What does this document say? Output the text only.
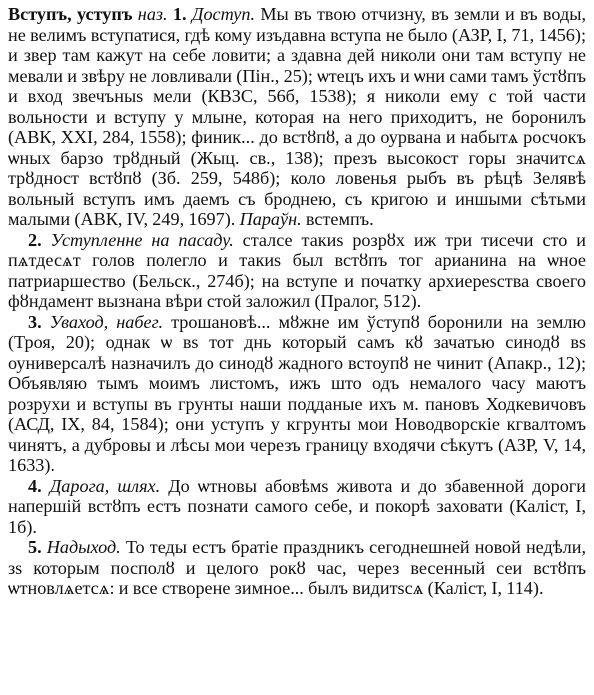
Вступъ, уступъ наз. 1. Доступ. Мы въ твою отчизну, въ земли и въ воды, не велимъ вступатися, гдѣ кому изъдавна вступа не было (АЗР, I, 71, 1456); и звер там кажут на себе ловити; а здавна дей николи они там вступу не мевали и звѣру не ловливали (Пін., 25); ѡтецъ ихъ и ѡни сами тамъ ўстȣпъ и вход звечъныѕ мели (КВЗС, 56б, 1538); я николи ему с той части вольности и вступу у млыне, которая на него приходитъ, не боронилъ (АВК, XXI, 284, 1558); финик... до встȣпȣ, а до оурвана и набытѧ росчокъ ѡных барзо трȣдный (Жыц. св., 138); презъ высокост горы значитсѧ трȣдност встȣпȣ (Зб. 259, 548б); коло ловенья рыбъ въ рѣцѣ Зелявѣ вольный вступъ имъ даемъ съ броднею, съ кригою и иншыми сѣтьми малыми (АВК, IV, 249, 1697). Параўн. встемпъ.

2. Уступленне на пасаду. сталсе такиѕ розрȣх иж три тисечи сто и пѧтдесѧт голов полегло и такиѕ был встȣпъ тог арианина на ѡное патриаршество (Бельск., 274б); на вступе и початку архиереѕства своего фȣндамент вызнана вѣри стой заложил (Пралог, 512).

3. Уваход, набег. трошановѣ... мȣжне им ўступȣ боронили на землю (Троя, 20); однак ѡ вѕ тот днь который самъ кȣ зачатью синодȣ вѕ оуниверсалѣ назначилъ до синодȣ жадного встоупȣ не чинит (Апакр., 12); Объявляю тымъ моимъ листомъ, ижъ што одъ немалого часу маютъ розрухи и вступы въ грунты наши подданые ихъ м. пановъ Ходкевичовъ (АСД, IX, 84, 1584); они уступъ у кгрунты мои Новодворскіе кгвалтомъ чинятъ, а дубровы и лѣсы мои черезъ границу входячи сѣкутъ (АЗР, V, 14, 1633).

4. Дарога, шлях. До ѡтновы абовѣмѕ живота и до збавенной дороги напершій встȣпъ естъ познати самого себе, и покорѣ заховати (Каліст, I, 1б).

5. Надыход. То теды естъ братіе праздникъ сегоднешней новой недѣли, зѕ которым посполȣ и целого рокȣ час, через весенный сеи встȣпъ ѡтновлѧетсѧ: и все створене зимное... былъ видитѕсѧ (Каліст, I, 114).
